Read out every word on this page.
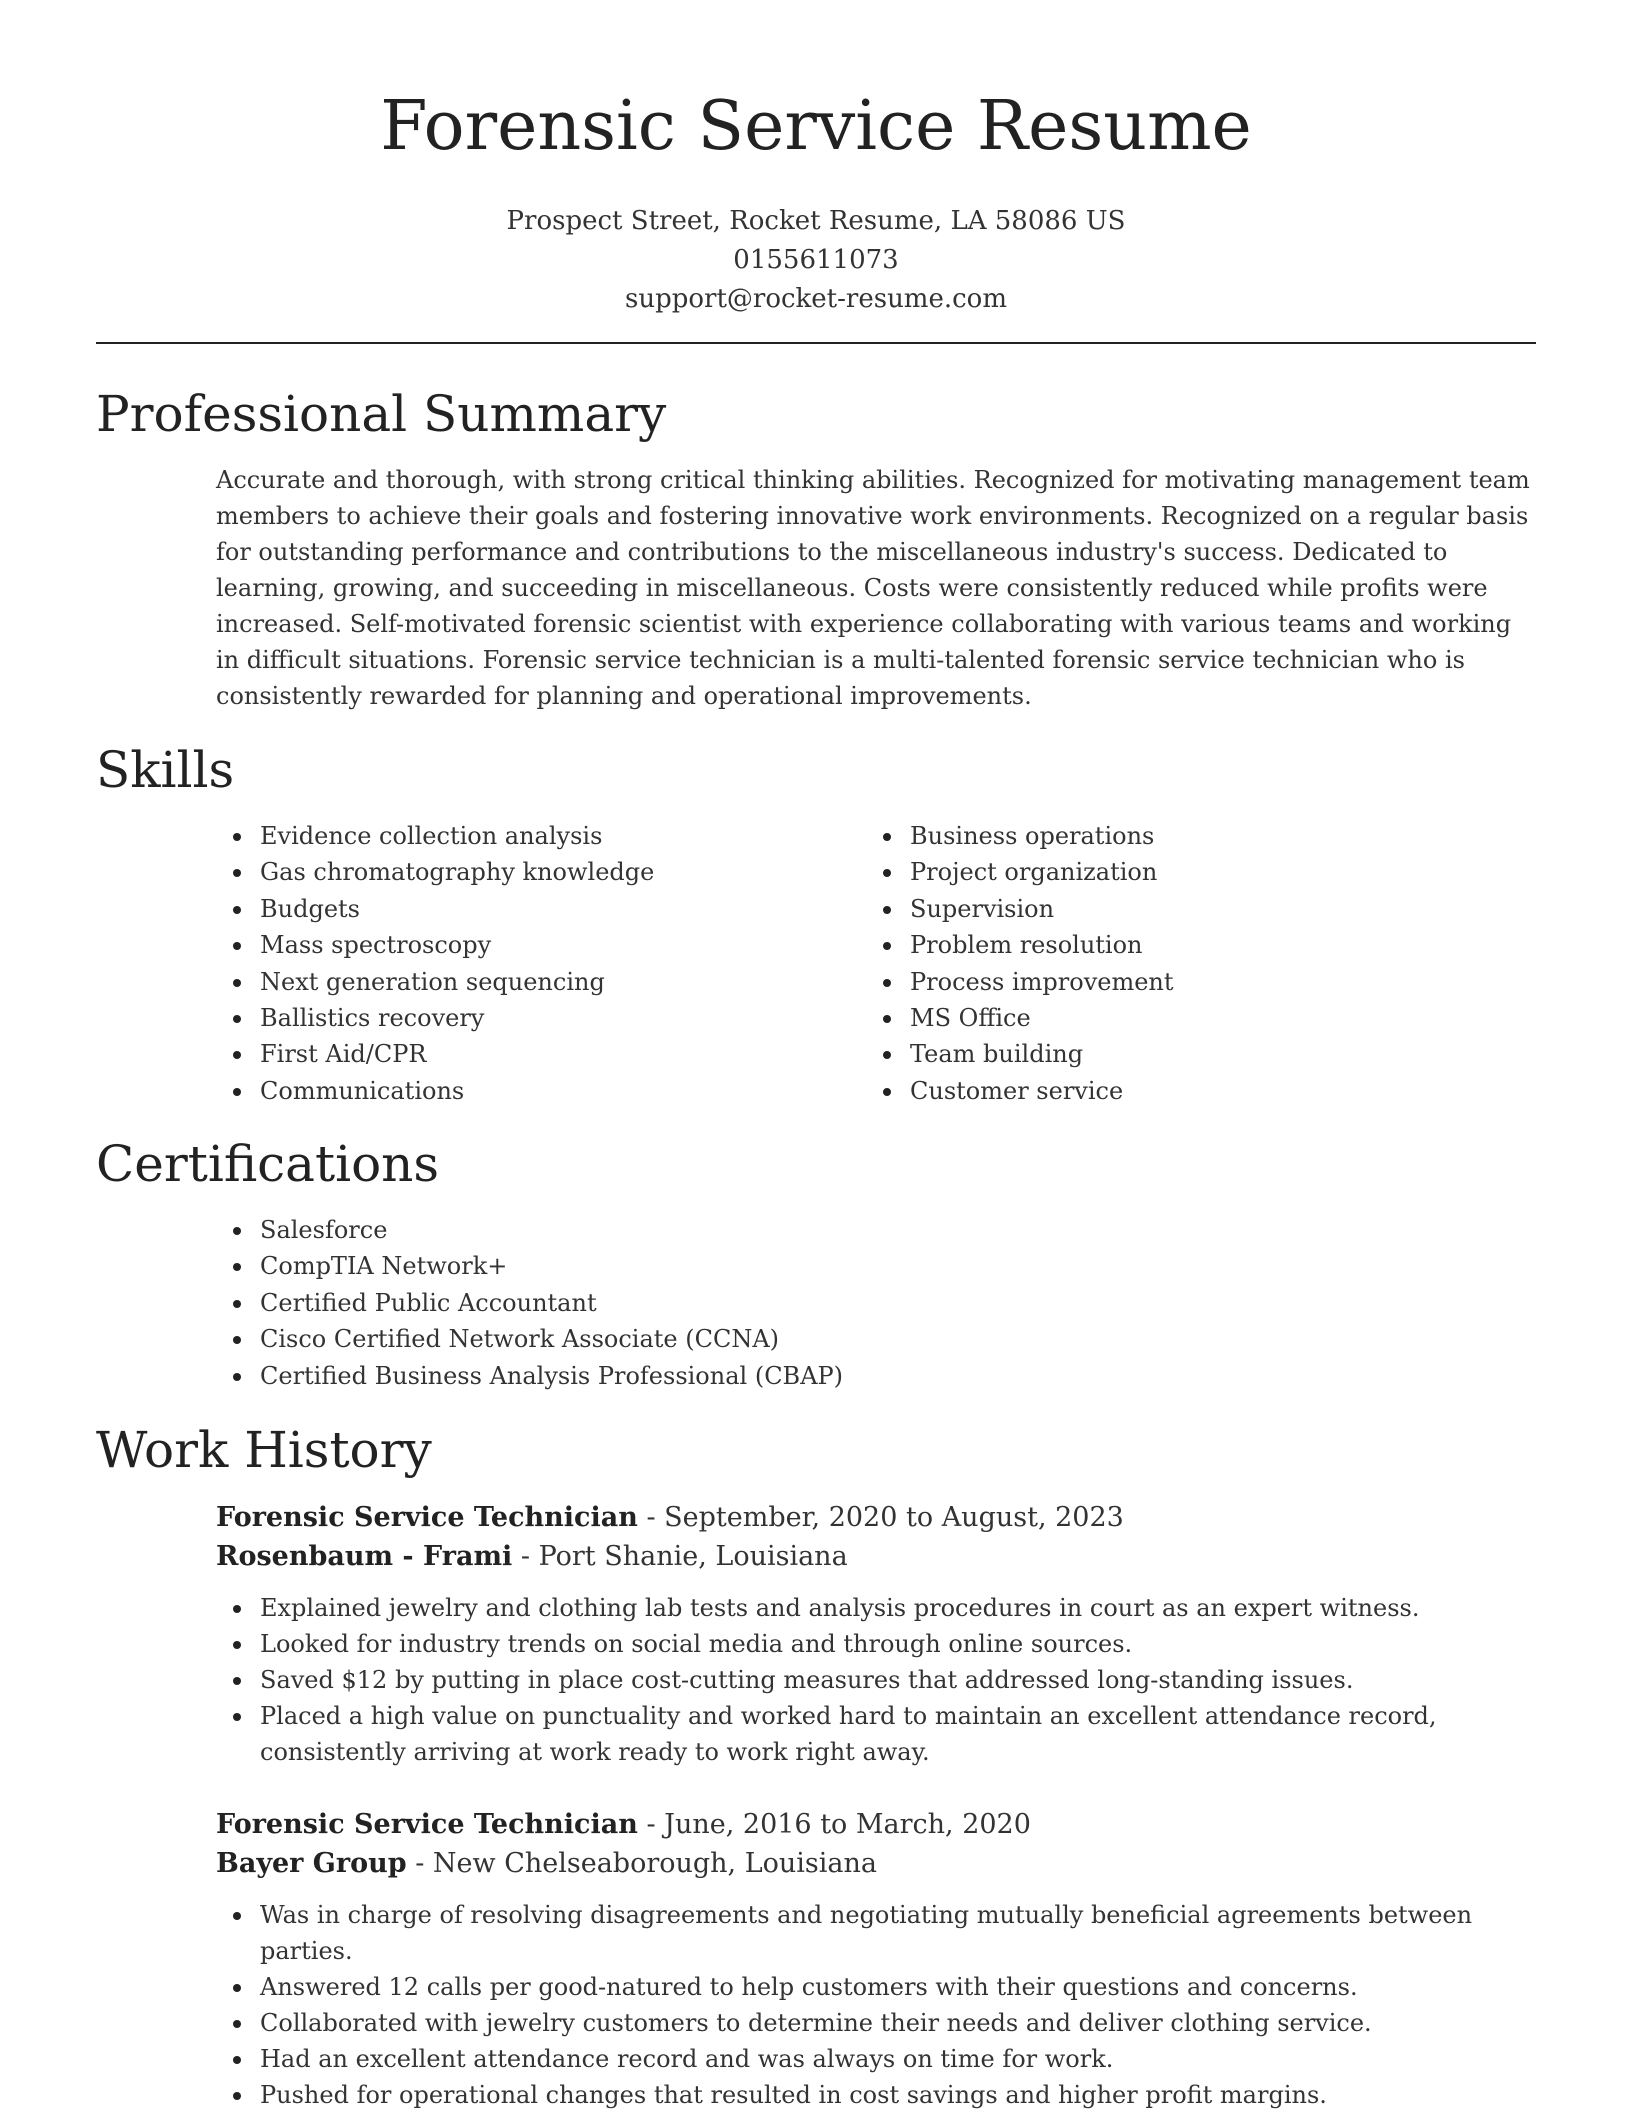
Forensic Service Resume
Prospect Street, Rocket Resume, LA 58086 US
0155611073
support@rocket-resume.com
Professional Summary
Accurate and thorough, with strong critical thinking abilities. Recognized for motivating management team members to achieve their goals and fostering innovative work environments. Recognized on a regular basis for outstanding performance and contributions to the miscellaneous industry's success. Dedicated to learning, growing, and succeeding in miscellaneous. Costs were consistently reduced while profits were increased. Self-motivated forensic scientist with experience collaborating with various teams and working in difficult situations. Forensic service technician is a multi-talented forensic service technician who is consistently rewarded for planning and operational improvements.
Skills
Evidence collection analysis
Gas chromatography knowledge
Budgets
Mass spectroscopy
Next generation sequencing
Ballistics recovery
First Aid/CPR
Communications
Business operations
Project organization
Supervision
Problem resolution
Process improvement
MS Office
Team building
Customer service
Certifications
Salesforce
CompTIA Network+
Certified Public Accountant
Cisco Certified Network Associate (CCNA)
Certified Business Analysis Professional (CBAP)
Work History
Forensic Service Technician - September, 2020 to August, 2023
Rosenbaum - Frami - Port Shanie, Louisiana
Explained jewelry and clothing lab tests and analysis procedures in court as an expert witness.
Looked for industry trends on social media and through online sources.
Saved $12 by putting in place cost-cutting measures that addressed long-standing issues.
Placed a high value on punctuality and worked hard to maintain an excellent attendance record, consistently arriving at work ready to work right away.
Forensic Service Technician - June, 2016 to March, 2020
Bayer Group - New Chelseaborough, Louisiana
Was in charge of resolving disagreements and negotiating mutually beneficial agreements between parties.
Answered 12 calls per good-natured to help customers with their questions and concerns.
Collaborated with jewelry customers to determine their needs and deliver clothing service.
Had an excellent attendance record and was always on time for work.
Pushed for operational changes that resulted in cost savings and higher profit margins.
